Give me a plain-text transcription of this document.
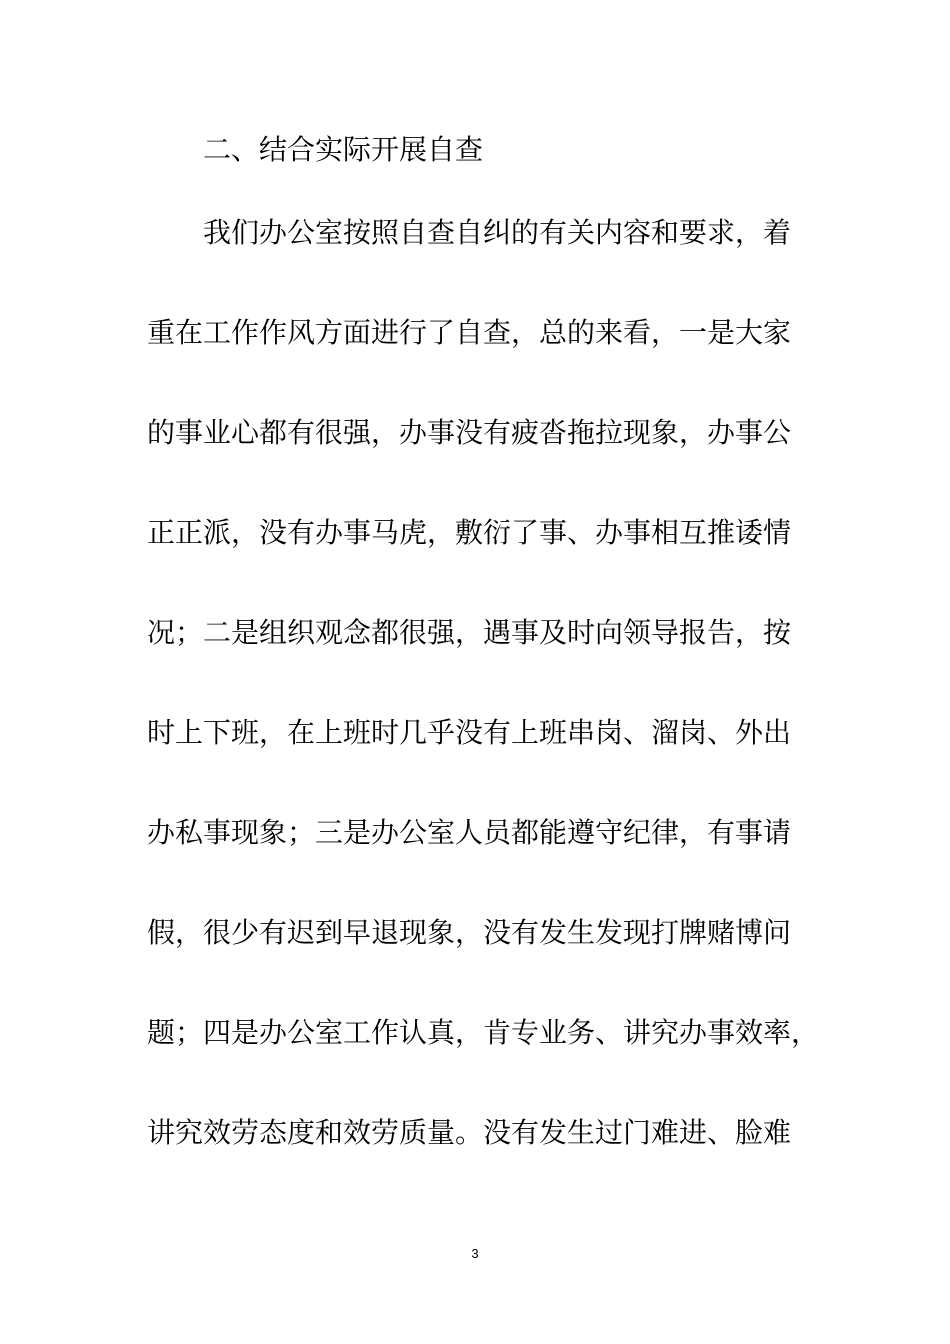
二、结合实际开展自查
我们办公室按照自查自纠的有关内容和要求，着
重在工作作风方面进行了自查，总的来看，一是大家
的事业心都有很强，办事没有疲沓拖拉现象，办事公
正正派，没有办事马虎，敷衍了事、办事相互推诿情
况；二是组织观念都很强，遇事及时向领导报告，按
时上下班，在上班时几乎没有上班串岗、溜岗、外出
办私事现象；三是办公室人员都能遵守纪律，有事请
假，很少有迟到早退现象，没有发生发现打牌赌博问
题；四是办公室工作认真，肯专业务、讲究办事效率，
讲究效劳态度和效劳质量。没有发生过门难进、脸难
3
